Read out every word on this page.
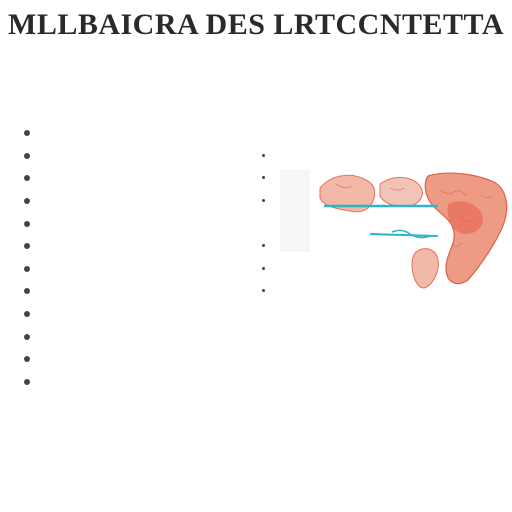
MLLBAICRA DES LRTCCNTETTA
